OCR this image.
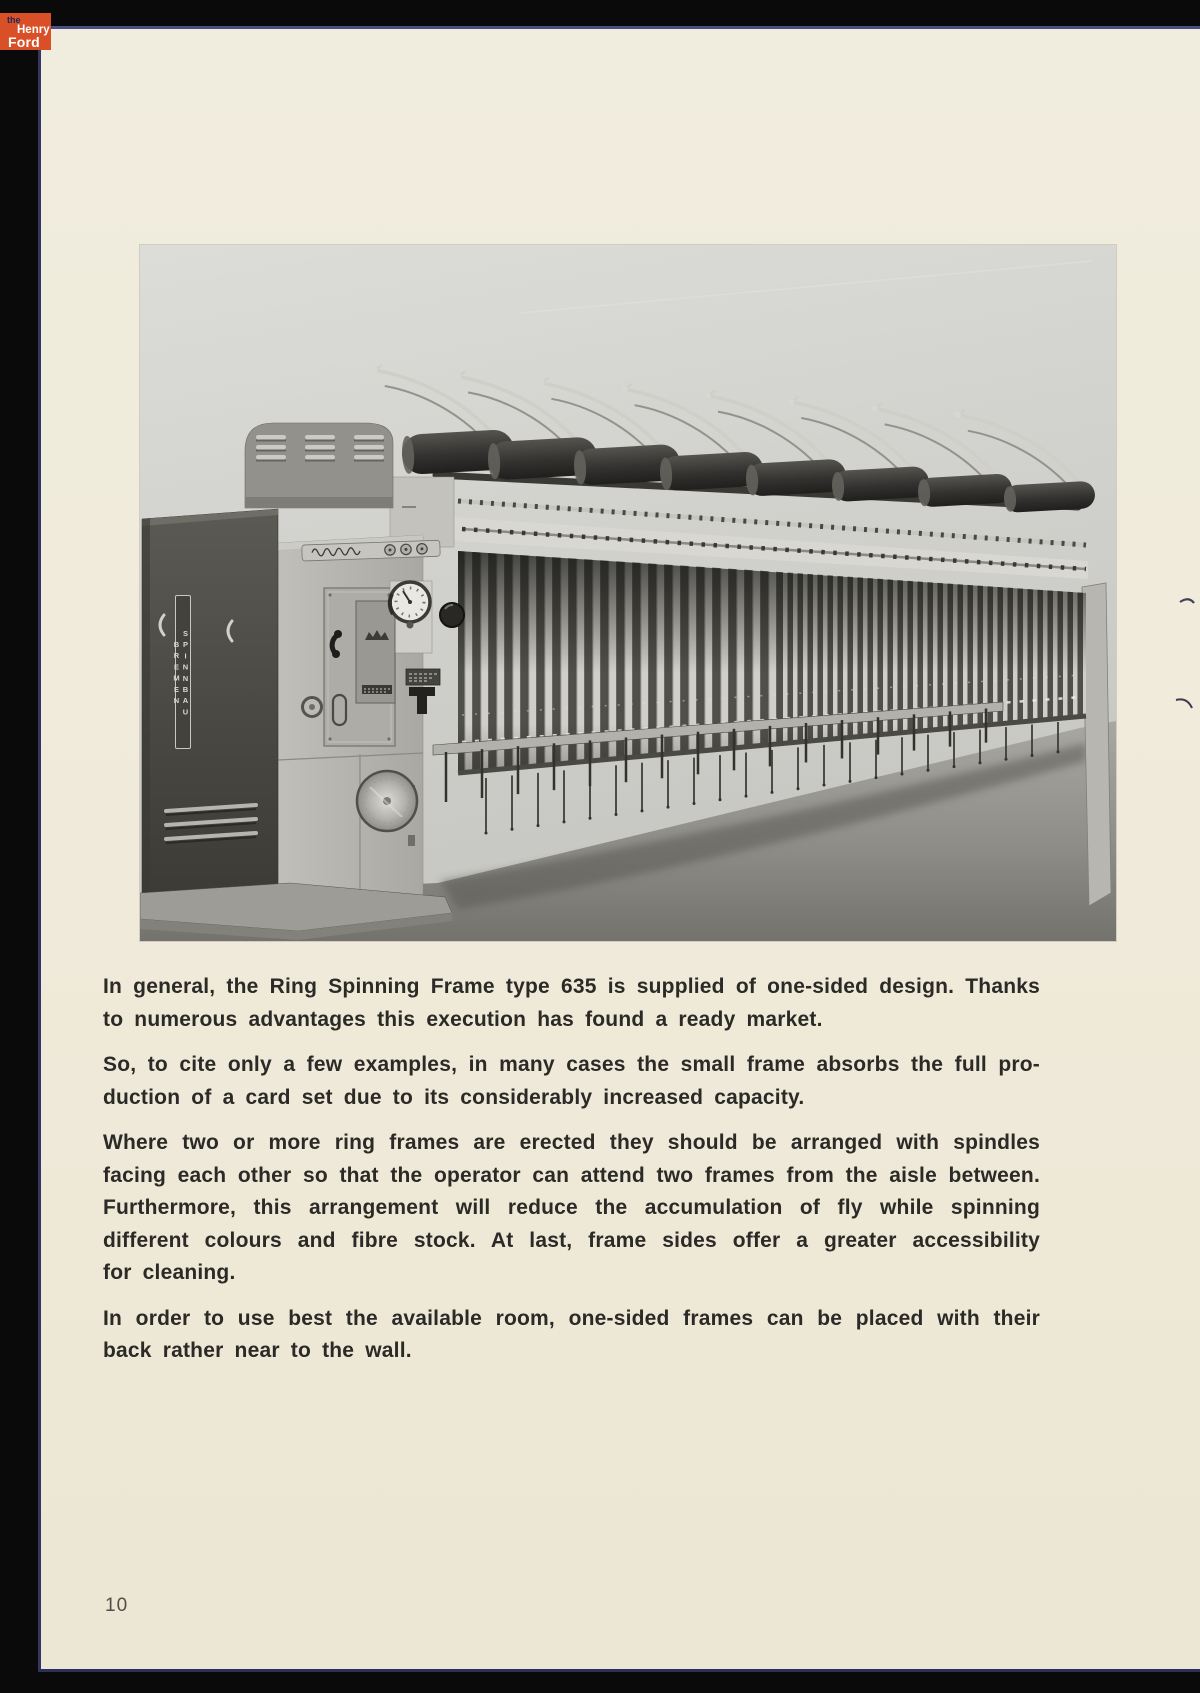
SPINNBAU BREMEN
In general, the Ring Spinning Frame type 635 is supplied of one-sided design. Thanks
to numerous advantages this execution has found a ready market.
So, to cite only a few examples, in many cases the small frame absorbs the full pro-
duction of a card set due to its considerably increased capacity.
Where two or more ring frames are erected they should be arranged with spindles
facing each other so that the operator can attend two frames from the aisle between.
Furthermore, this arrangement will reduce the accumulation of fly while spinning
different colours and fibre stock. At last, frame sides offer a greater accessibility
for cleaning.
In order to use best the available room, one-sided frames can be placed with their
back rather near to the wall.
10
the
Henry
Ford
